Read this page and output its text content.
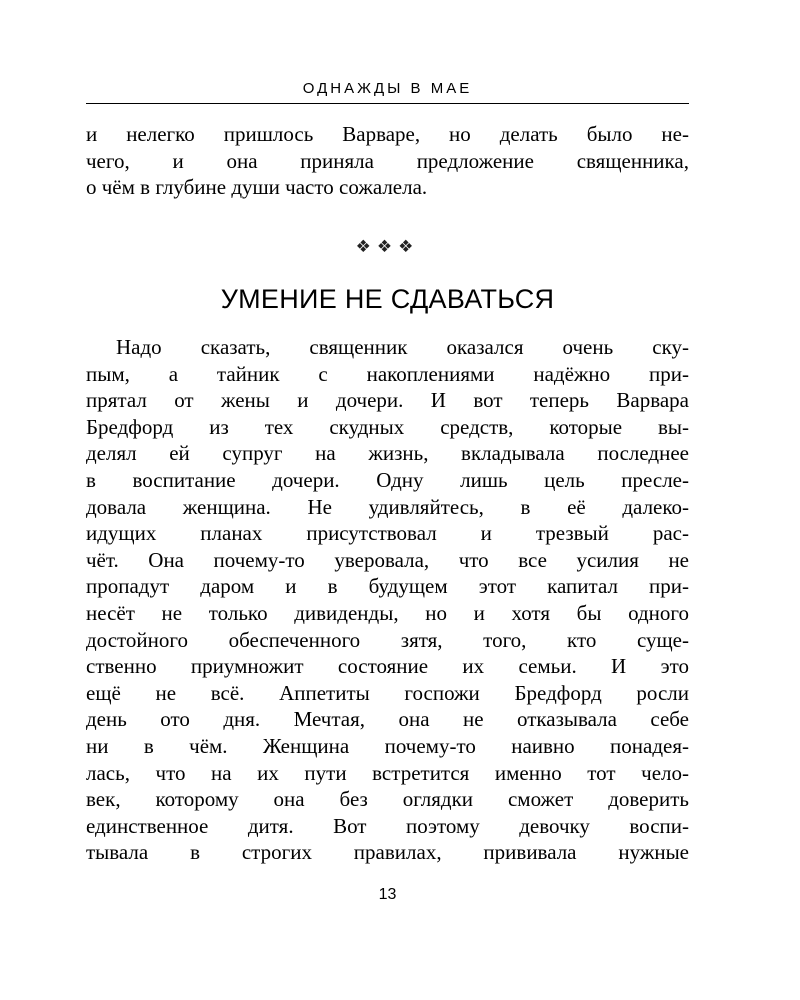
ОДНАЖДЫ В МАЕ
и нелегко пришлось Варваре, но делать было не-
чего, и она приняла предложение священника,
о чём в глубине души часто сожалела.
❖❖❖
УМЕНИЕ НЕ СДАВАТЬСЯ
Надо сказать, священник оказался очень ску-
пым, а тайник с накоплениями надёжно при-
прятал от жены и дочери. И вот теперь Варвара
Бредфорд из тех скудных средств, которые вы-
делял ей супруг на жизнь, вкладывала последнее
в воспитание дочери. Одну лишь цель пресле-
довала женщина. Не удивляйтесь, в её далеко-
идущих планах присутствовал и трезвый рас-
чёт. Она почему-то уверовала, что все усилия не
пропадут даром и в будущем этот капитал при-
несёт не только дивиденды, но и хотя бы одного
достойного обеспеченного зятя, того, кто суще-
ственно приумножит состояние их семьи. И это
ещё не всё. Аппетиты госпожи Бредфорд росли
день ото дня. Мечтая, она не отказывала себе
ни в чём. Женщина почему-то наивно понадея-
лась, что на их пути встретится именно тот чело-
век, которому она без оглядки сможет доверить
единственное дитя. Вот поэтому девочку воспи-
тывала в строгих правилах, прививала нужные
13
